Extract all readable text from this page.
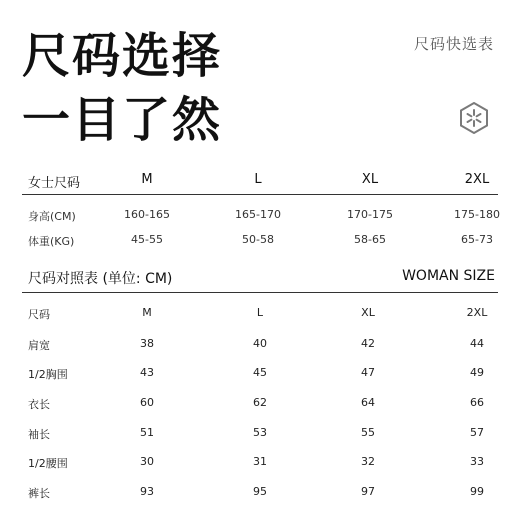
尺码选择
一目了然
尺码快选表
女士尺码	M	L	XL	2XL
身高(CM)	160-165	165-170	170-175	175-180
体重(KG)	45-55	50-58	58-65	65-73
尺码对照表 (单位: CM)	WOMAN SIZE
尺码	M	L	XL	2XL
肩宽	38	40	42	44
1/2胸围	43	45	47	49
衣长	60	62	64	66
袖长	51	53	55	57
1/2腰围	30	31	32	33
裤长	93	95	97	99
